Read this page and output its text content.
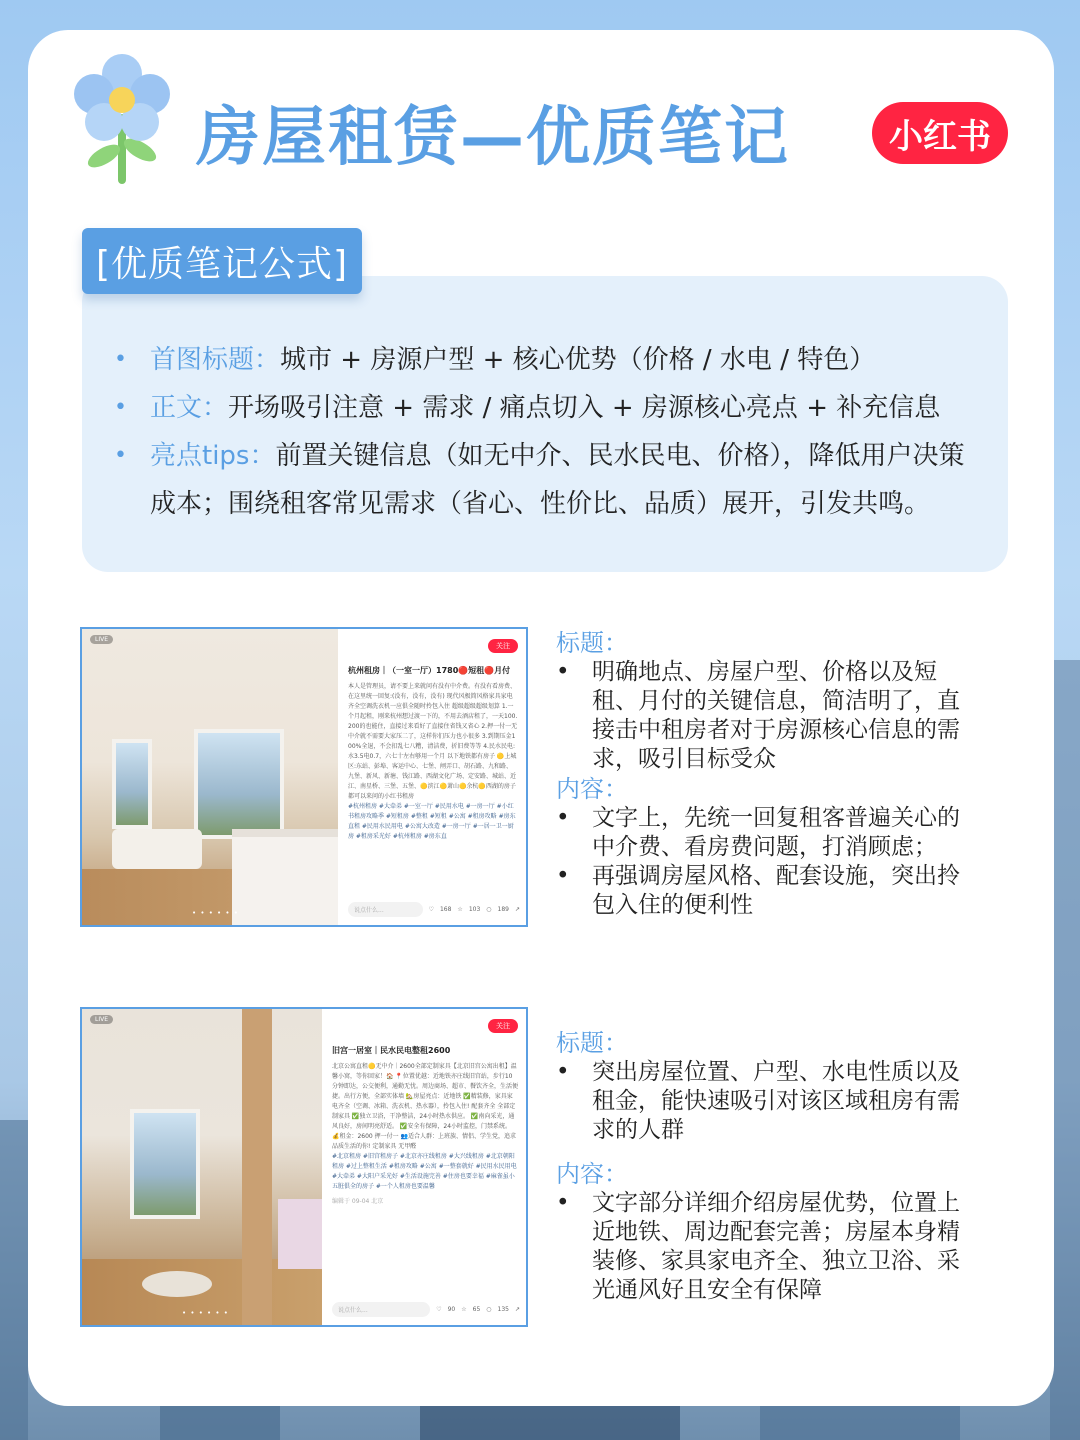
房屋租赁—优质笔记	小红书
[优质笔记公式]
• 首图标题：城市 + 房源户型 + 核心优势（价格 / 水电 / 特色）
• 正文：开场吸引注意 + 需求 / 痛点切入 + 房源核心亮点 + 补充信息
• 亮点tips：前置关键信息（如无中介、民水民电、价格），降低用户决策成本；围绕租客常见需求（省心、性价比、品质）展开，引发共鸣。
LIVE
• • • • • •
关注
杭州租房｜（一室一厅）1780🔴短租🔴月付
本人是管理员，请不要上来就问有没有中介费。有没有看房费、在这里统一回复:(没有，没有，没有) 现代风极简风格家具家电齐全空调洗衣机一应俱全随时拎包入住 超级超级超级划算 1.一个月起租，刚来杭州想过渡一下的，不用去酒店租了，一天100.200的也能住，直接过来看好了直接住省钱又省心 2.押一付一无中介就不需要大家压二了，这样你们压力也小很多 3.到期压金100%全退，不会扣乱七八糟，清洁费，折旧费等等 4.民水民电:水3.5电0.7，六七十左右够用一个月 以下地铁都有房子 🟡上城区:东站、彭埠、客运中心、七堡、闸弄口、胡石路、九和路、九堡、新风、新塘、钱江路、西湖文化广场、定安路、城站、近江、南星桥、三堡、五堡、🟡滨江🟡萧山🟡余杭🟡西湖的房子都可以来问的小红书租房
#杭州租房 #大牵弟 #一室一厅 #民用水电 #一房一厅 #小红书租房攻略季 #短租房 #整租 #短租 #公寓 #租房攻略 #房东直租 #民用水民用电 #公寓大改造 #一房一厅 #一居一卫一厨房 #租房采光好 #杭州租房 #房东直
说点什么...	♡ 168 ☆ 103 ○ 189 ↗
标题：
• 明确地点、房屋户型、价格以及短租、月付的关键信息，简洁明了，直接击中租房者对于房源核心信息的需求，吸引目标受众
内容：
• 文字上，先统一回复租客普遍关心的中介费、看房费问题，打消顾虑；
• 再强调房屋风格、配套设施，突出拎包入住的便利性
LIVE
• • • • • •
关注
旧宫一居室｜民水民电整租2600
北京公寓直租🟡无中介｜2600全部定制家具【北京旧宫公寓出租】温馨小窝，等你回家！🏠 📍位置优越：近地铁亦庄线旧宫站，步行10分钟即达，公交便利，通勤无忧。周边商场、超市、餐饮齐全，生活便捷。出行方便，全部实体墙 🏡房屋亮点：近地铁 ✅精装修，家具家电齐全（空调、冰箱、洗衣机、热水器），拎包入住! 配套齐全 全部定制家具 ✅独立卫浴，干净整洁，24小时热水供应。 ✅南向采光，通风良好，房间明亮舒适。 ✅安全有保障，24小时监控，门禁系统。 💰租金：2600 押一付一 👥适合人群：上班族、情侣、学生党，追求品质生活的你! 定制家具 无甲醛
#北京租房 #旧宫租房子 #北京亦庄线租房 #大兴线租房 #北京朝阳租房 #过上整租生活 #租房攻略 #公寓 #一整套就好 #民用水民用电 #大牵弟 #大阳户采光好 #生活设施完善 #住房也要幸福 #麻雀虽小五脏俱全的房子 #一个人租房也要温馨
编辑于 09-04 北京
说点什么...	♡ 90 ☆ 65 ○ 135 ↗
标题：
• 突出房屋位置、户型、水电性质以及租金，能快速吸引对该区域租房有需求的人群
内容：
• 文字部分详细介绍房屋优势，位置上近地铁、周边配套完善；房屋本身精装修、家具家电齐全、独立卫浴、采光通风好且安全有保障
